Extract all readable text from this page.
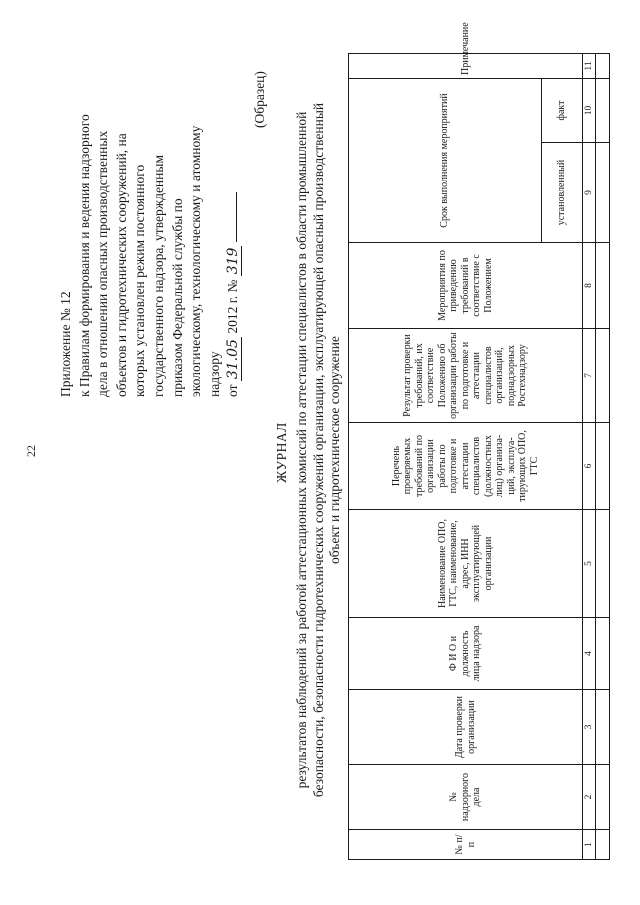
22
Приложение № 12 к Правилам формирования и ведения надзорного дела в отношении опасных производственных объектов и гидротехнических сооружений, на которых установлен режим постоянного государственного надзора, утвержденным приказом Федеральной службы по экологическому, технологическому и атомному надзору от 31.05 2012 г. № 319
(Образец)
ЖУРНАЛ результатов наблюдений за работой аттестационных комиссий по аттестации специалистов в области промышленной безопасности, безопасности гидротехнических сооружений организации, эксплуатирующей опасный производственный объект и гидротехническое сооружение
№ п/п	№ надзорного дела	Дата проверки организации	Ф И О и должность лица надзора	Наименование ОПО, ГТС, наименование, адрес, ИНН эксплуатирующей организации	Перечень проверяемых требований по организации работы по подготовке и аттестации специалистов (должностных лиц) организа-ций, эксплуа-тирующих ОПО, ГТС	Результат проверки требований, их соответствие Положению об организации работы по подготовке и аттестации специалистов организаций, поднадзорных Ростехнадзору	Мероприятия по приведению требований в соответствие с Положением	Срок выполнения мероприятий		Примечание
								установленный	факт	
1	2	3	4	5	6	7	8	9	10	11
